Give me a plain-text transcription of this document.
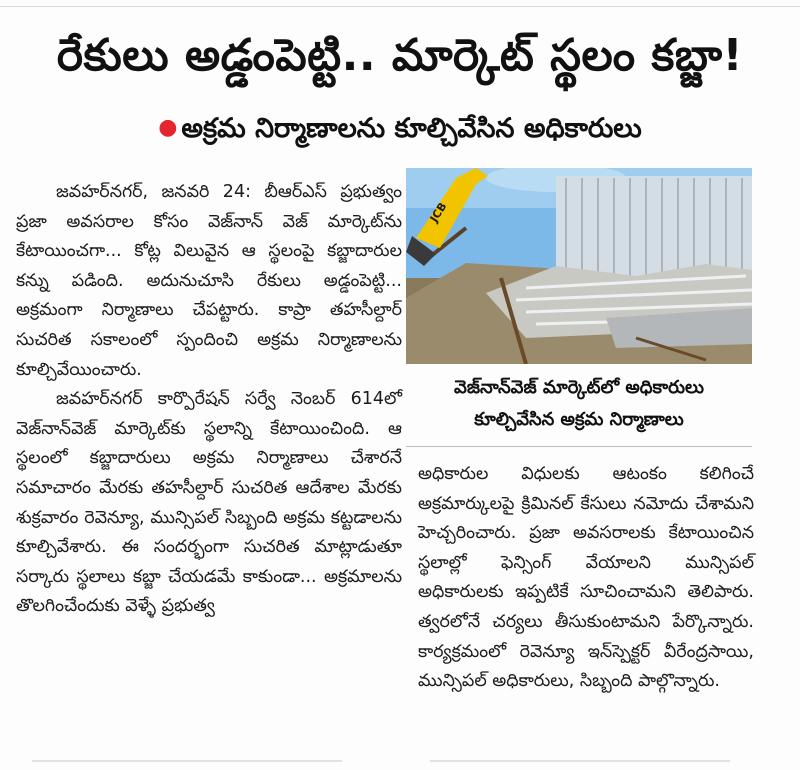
రేకులు అడ్డంపెట్టి.. మార్కెట్ స్థలం కబ్జా!
● అక్రమ నిర్మాణాలను కూల్చివేసిన అధికారులు

జవహర్‌నగర్, జనవరి 24: బీఆర్ఎస్ ప్రభుత్వం ప్రజా అవసరాల కోసం వెజ్‌నాన్ వెజ్ మార్కెట్‌ను కేటాయించగా... కోట్ల విలువైన ఆ స్థలంపై కబ్జాదారుల కన్ను పడింది. అదునుచూసి రేకులు అడ్డంపెట్టి... అక్రమంగా నిర్మాణాలు చేపట్టారు. కాప్రా తహసీల్దార్ సుచరిత సకాలంలో స్పందించి అక్రమ నిర్మాణాలను కూల్చివేయించారు.

జవహర్‌నగర్ కార్పొరేషన్ సర్వే నెంబర్ 614లో వెజ్‌నాన్‌వెజ్ మార్కెట్‌కు స్థలాన్ని కేటాయించింది. ఆ స్థలంలో కబ్జాదారులు అక్రమ నిర్మాణాలు చేశారనే సమాచారం మేరకు తహసీల్దార్ సుచరిత ఆదేశాల మేరకు శుక్రవారం రెవెన్యూ, మున్సిపల్ సిబ్బంది అక్రమ కట్టడాలను కూల్చివేశారు. ఈ సందర్భంగా సుచరిత మాట్లాడుతూ సర్కారు స్థలాలు కబ్జా చేయడమే కాకుండా... అక్రమాలను తొలగించేందుకు వెళ్ళే ప్రభుత్వ

JCB
వెజ్‌నాన్‌వెజ్ మార్కెట్‌లో అధికారులు
కూల్చివేసిన అక్రమ నిర్మాణాలు

అధికారుల విధులకు ఆటంకం కలిగించే అక్రమార్కులపై క్రిమినల్ కేసులు నమోదు చేశామని హెచ్చరించారు. ప్రజా అవసరాలకు కేటాయించిన స్థలాల్లో ఫెన్సింగ్ వేయాలని మున్సిపల్ అధికారులకు ఇప్పటికే సూచించామని తెలిపారు. త్వరలోనే చర్యలు తీసుకుంటామని పేర్కొన్నారు. కార్యక్రమంలో రెవెన్యూ ఇన్‌స్పెక్టర్ వీరేంద్రసాయి, మున్సిపల్ అధికారులు, సిబ్బంది పాల్గొన్నారు.
